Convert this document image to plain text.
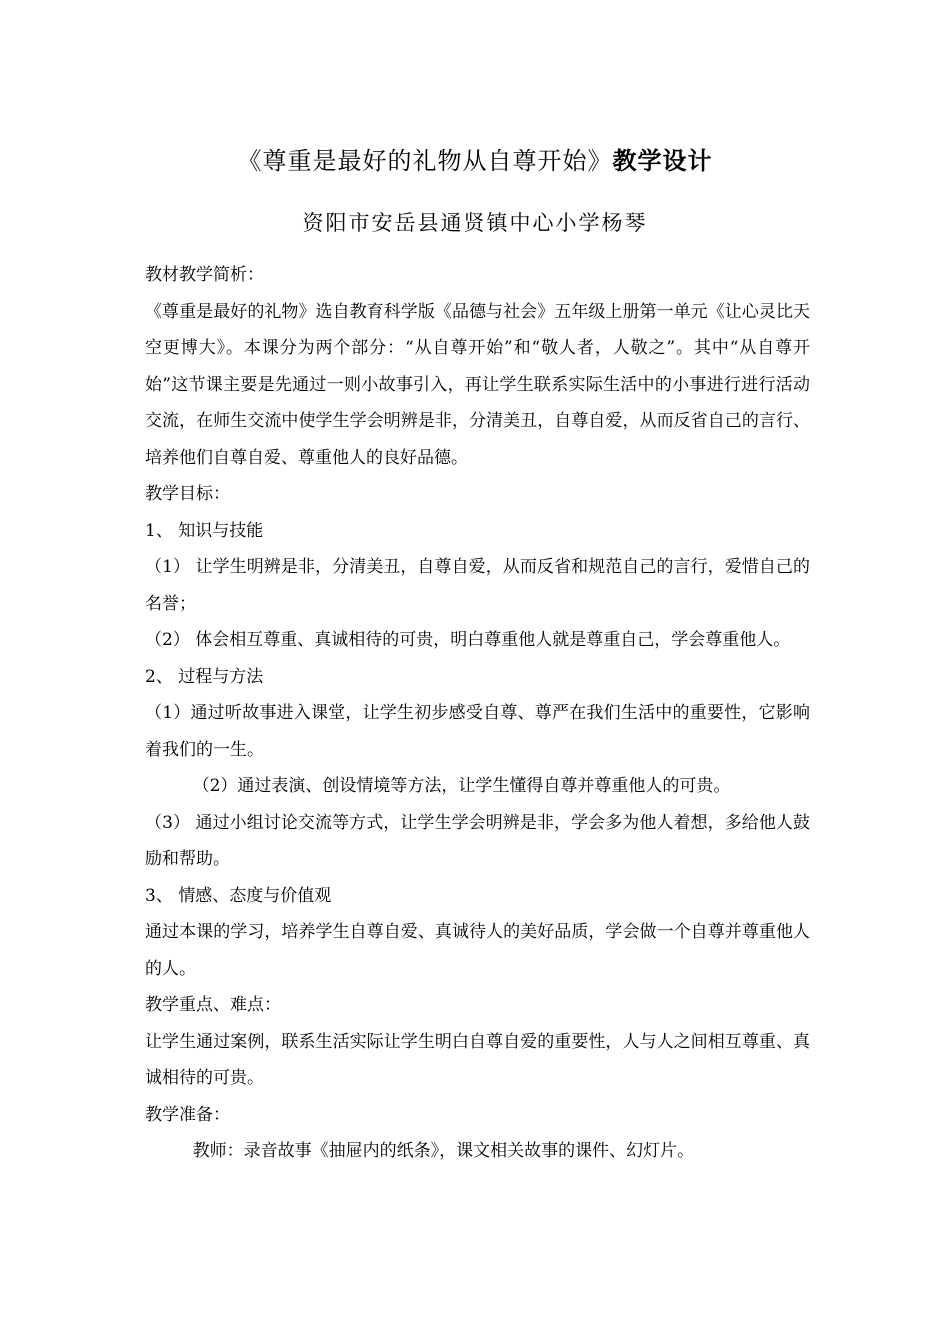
《尊重是最好的礼物从自尊开始》教学设计
资阳市安岳县通贤镇中心小学杨琴

教材教学简析：

《尊重是最好的礼物》选自教育科学版《品德与社会》五年级上册第一单元《让心灵比天空更博大》。本课分为两个部分：“从自尊开始”和“敬人者，人敬之”。其中“从自尊开始”这节课主要是先通过一则小故事引入，再让学生联系实际生活中的小事进行进行活动交流，在师生交流中使学生学会明辨是非，分清美丑，自尊自爱，从而反省自己的言行、培养他们自尊自爱、尊重他人的良好品德。

教学目标：

1、 知识与技能

（1） 让学生明辨是非，分清美丑，自尊自爱，从而反省和规范自己的言行，爱惜自己的名誉；

（2） 体会相互尊重、真诚相待的可贵，明白尊重他人就是尊重自己，学会尊重他人。

2、 过程与方法

（1）通过听故事进入课堂，让学生初步感受自尊、尊严在我们生活中的重要性，它影响着我们的一生。

（2）通过表演、创设情境等方法，让学生懂得自尊并尊重他人的可贵。

（3） 通过小组讨论交流等方式，让学生学会明辨是非，学会多为他人着想，多给他人鼓励和帮助。

3、 情感、态度与价值观

通过本课的学习，培养学生自尊自爱、真诚待人的美好品质，学会做一个自尊并尊重他人的人。

教学重点、难点：

让学生通过案例，联系生活实际让学生明白自尊自爱的重要性，人与人之间相互尊重、真诚相待的可贵。

教学准备：

教师：录音故事《抽屉内的纸条》，课文相关故事的课件、幻灯片。
